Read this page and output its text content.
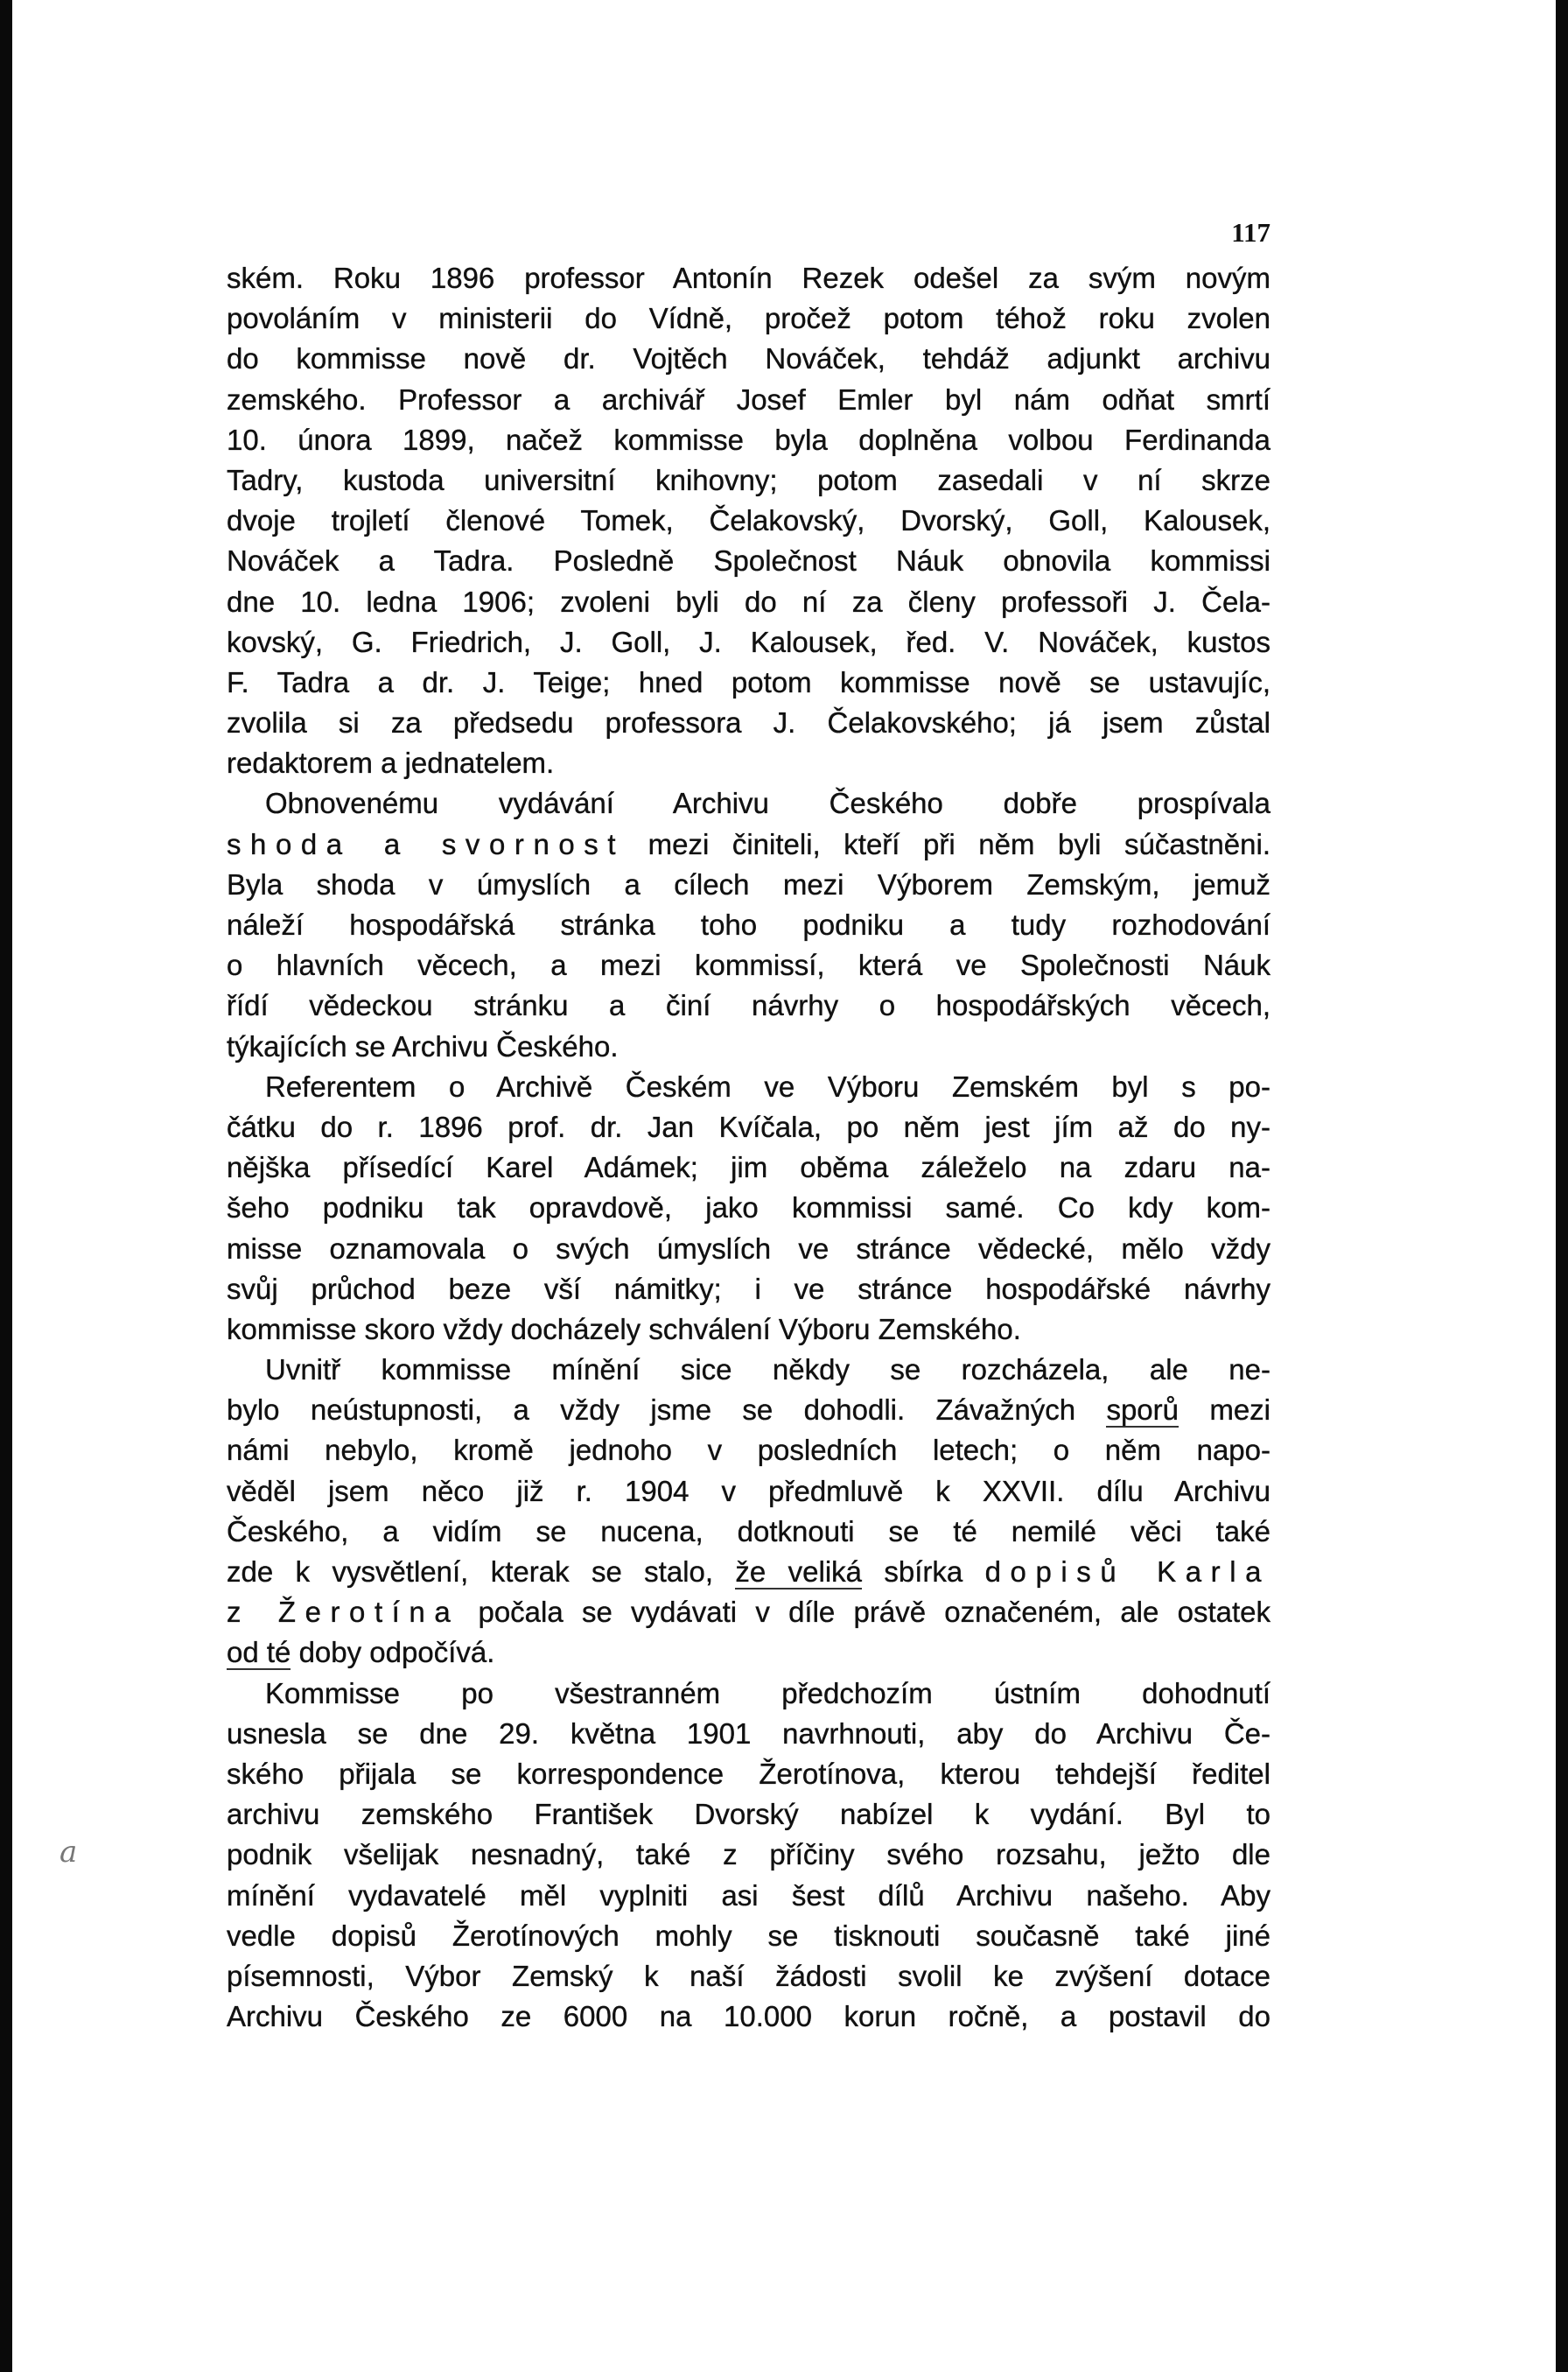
117
a
ském. Roku 1896 professor Antonín Rezek odešel za svým novým
povoláním v ministerii do Vídně, pročež potom téhož roku zvolen
do kommisse nově dr. Vojtěch Nováček, tehdáž adjunkt archivu
zemského. Professor a archivář Josef Emler byl nám odňat smrtí
10. února 1899, načež kommisse byla doplněna volbou Ferdinanda
Tadry, kustoda universitní knihovny; potom zasedali v ní skrze
dvoje trojletí členové Tomek, Čelakovský, Dvorský, Goll, Kalousek,
Nováček a Tadra. Posledně Společnost Náuk obnovila kommissi
dne 10. ledna 1906; zvoleni byli do ní za členy professoři J. Čela-
kovský, G. Friedrich, J. Goll, J. Kalousek, řed. V. Nováček, kustos
F. Tadra a dr. J. Teige; hned potom kommisse nově se ustavujíc,
zvolila si za předsedu professora J. Čelakovského; já jsem zůstal
redaktorem a jednatelem.
Obnovenému vydávání Archivu Českého dobře prospívala
shoda a svornost mezi činiteli, kteří při něm byli súčastněni.
Byla shoda v úmyslích a cílech mezi Výborem Zemským, jemuž
náleží hospodářská stránka toho podniku a tudy rozhodování
o hlavních věcech, a mezi kommissí, která ve Společnosti Náuk
řídí vědeckou stránku a činí návrhy o hospodářských věcech,
týkajících se Archivu Českého.
Referentem o Archivě Českém ve Výboru Zemském byl s po-
čátku do r. 1896 prof. dr. Jan Kvíčala, po něm jest jím až do ny-
nějška přísedící Karel Adámek; jim oběma záleželo na zdaru na-
šeho podniku tak opravdově, jako kommissi samé. Co kdy kom-
misse oznamovala o svých úmyslích ve stránce vědecké, mělo vždy
svůj průchod beze vší námitky; i ve stránce hospodářské návrhy
kommisse skoro vždy docházely schválení Výboru Zemského.
Uvnitř kommisse mínění sice někdy se rozcházela, ale ne-
bylo neústupnosti, a vždy jsme se dohodli. Závažných sporů mezi
námi nebylo, kromě jednoho v posledních letech; o něm napo-
věděl jsem něco již r. 1904 v předmluvě k XXVII. dílu Archivu
Českého, a vidím se nucena, dotknouti se té nemilé věci také
zde k vysvětlení, kterak se stalo, že veliká sbírka dopisů Karla
z Žerotína počala se vydávati v díle právě označeném, ale ostatek
od té doby odpočívá.
Kommisse po všestranném předchozím ústním dohodnutí
usnesla se dne 29. května 1901 navrhnouti, aby do Archivu Če-
ského přijala se korrespondence Žerotínova, kterou tehdejší ředitel
archivu zemského František Dvorský nabízel k vydání. Byl to
podnik všelijak nesnadný, také z příčiny svého rozsahu, ježto dle
mínění vydavatelé měl vyplniti asi šest dílů Archivu našeho. Aby
vedle dopisů Žerotínových mohly se tisknouti současně také jiné
písemnosti, Výbor Zemský k naší žádosti svolil ke zvýšení dotace
Archivu Českého ze 6000 na 10.000 korun ročně, a postavil do
